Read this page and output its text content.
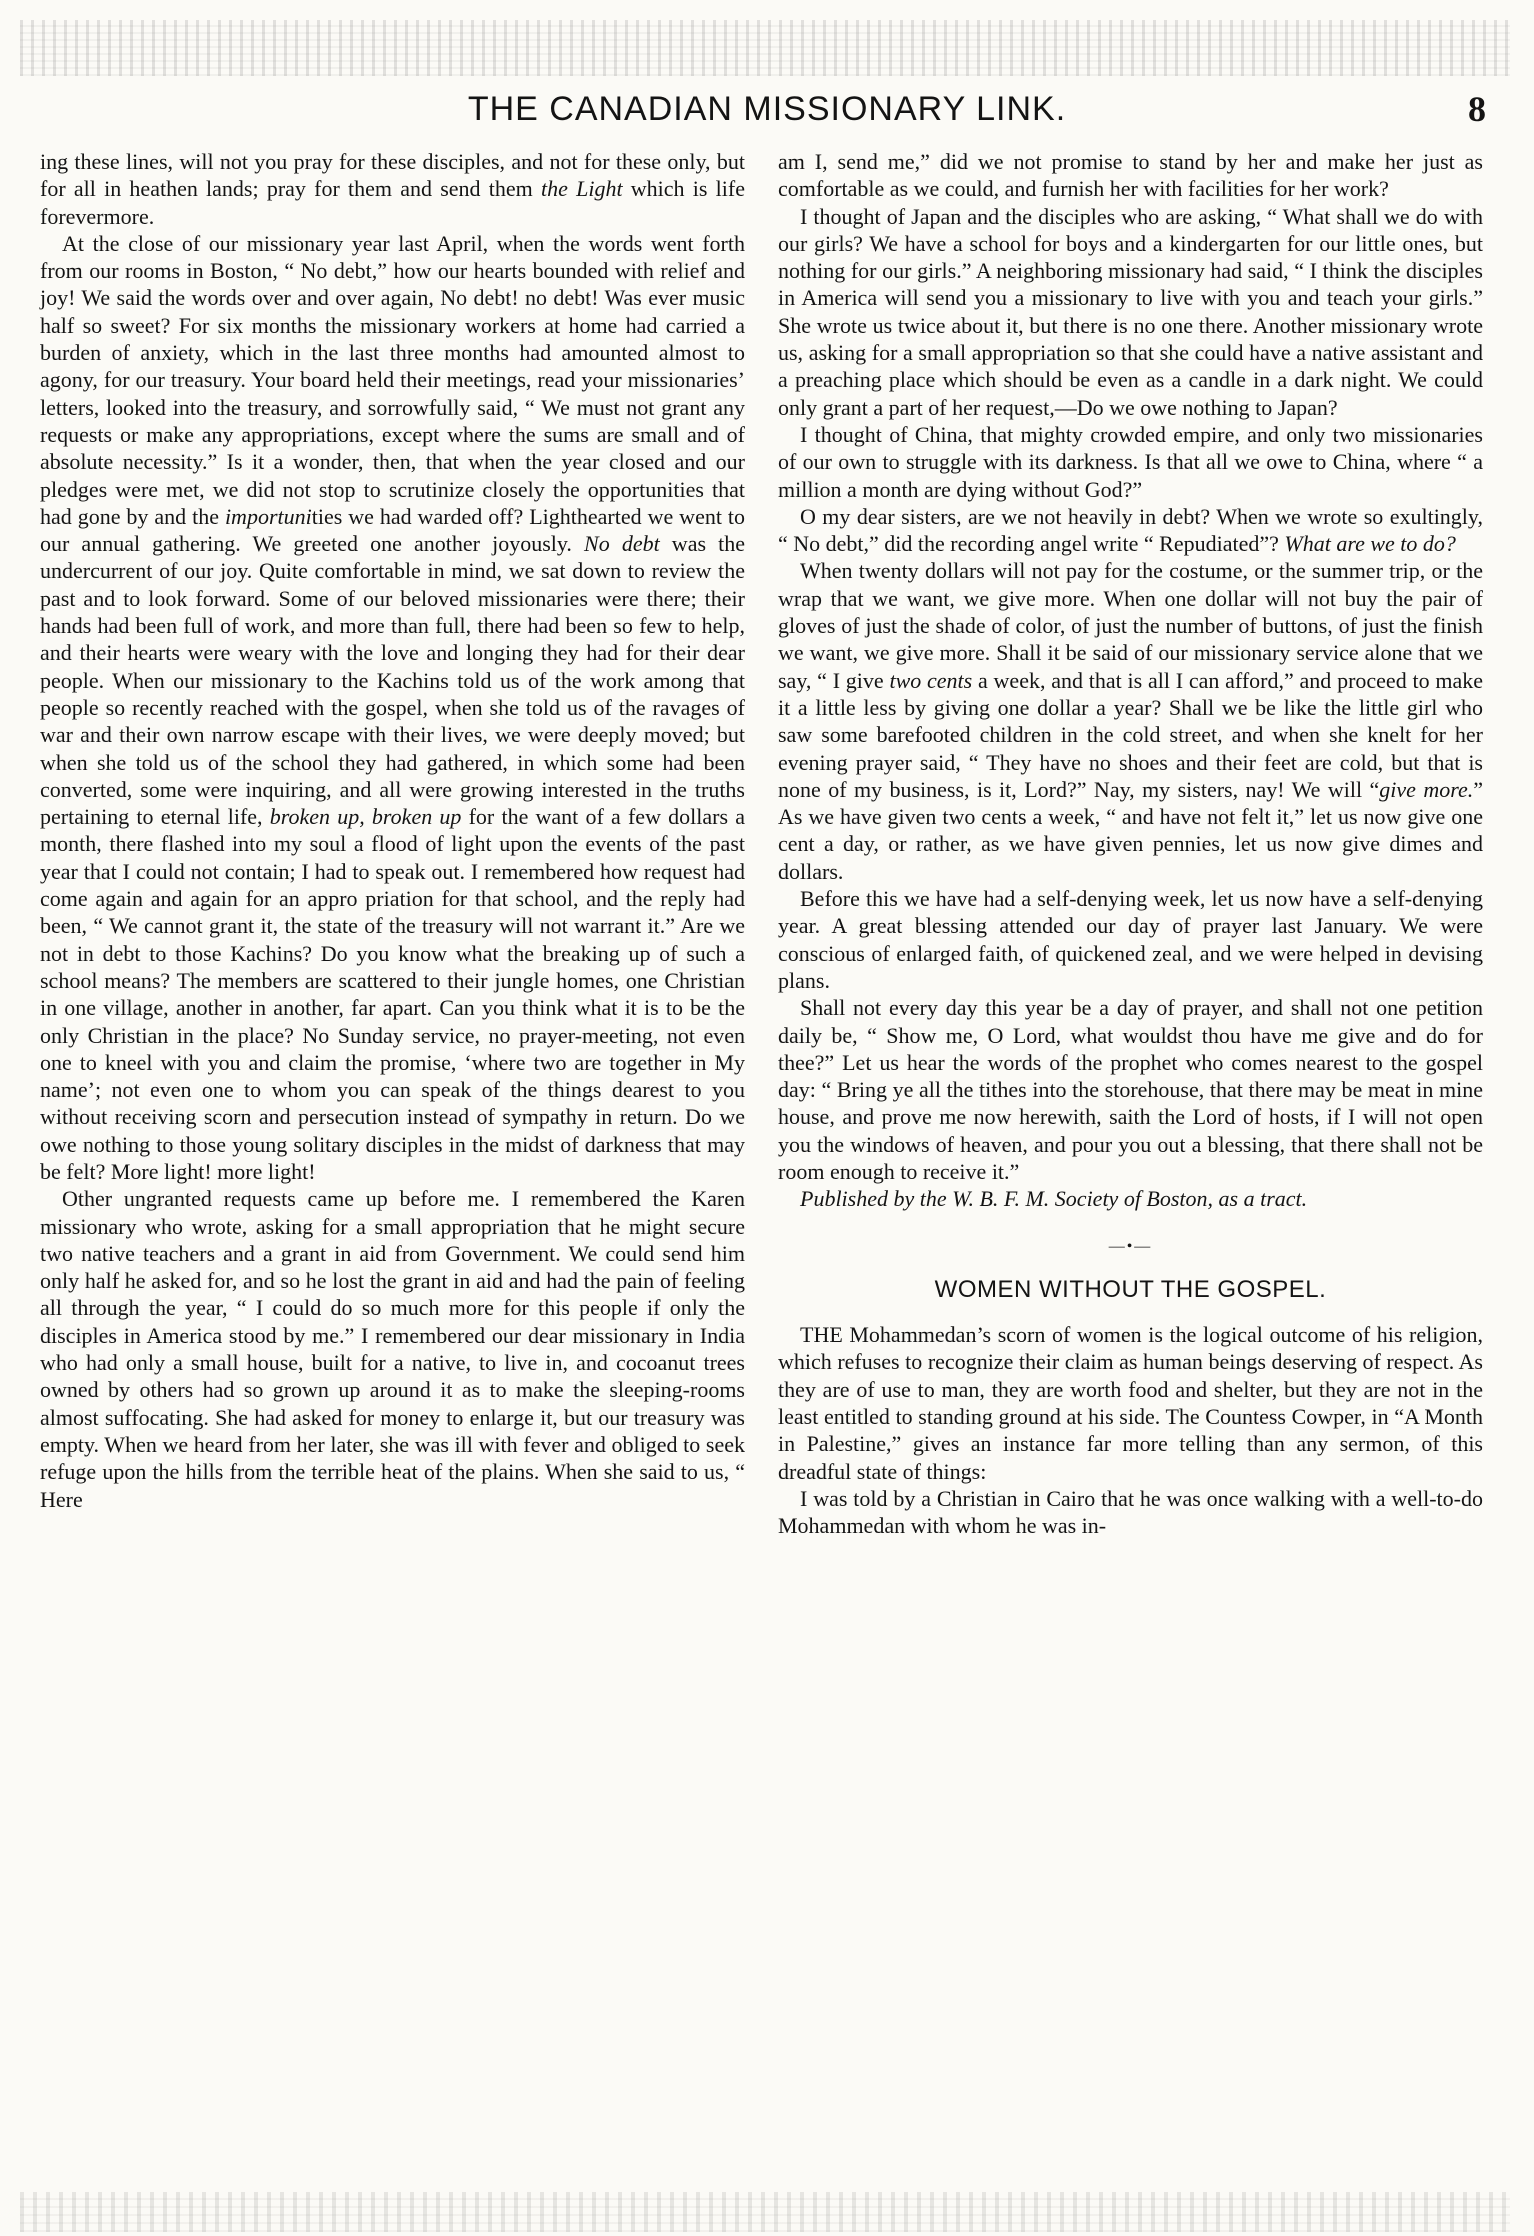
THE CANADIAN MISSIONARY LINK.	8

ing these lines, will not you pray for these disciples, and not for these only, but for all in heathen lands; pray for them and send them the Light which is life forevermore.

At the close of our missionary year last April, when the words went forth from our rooms in Boston, “ No debt,” how our hearts bounded with relief and joy! We said the words over and over again, No debt! no debt! Was ever music half so sweet? For six months the missionary workers at home had carried a burden of anxiety, which in the last three months had amounted almost to agony, for our treasury. Your board held their meetings, read your missionaries’ letters, looked into the treasury, and sorrowfully said, “ We must not grant any requests or make any appropriations, except where the sums are small and of absolute necessity.” Is it a wonder, then, that when the year closed and our pledges were met, we did not stop to scrutinize closely the opportunities that had gone by and the importunities we had warded off? Lighthearted we went to our annual gathering. We greeted one another joyously. No debt was the undercurrent of our joy. Quite comfortable in mind, we sat down to review the past and to look forward. Some of our beloved missionaries were there; their hands had been full of work, and more than full, there had been so few to help, and their hearts were weary with the love and longing they had for their dear people. When our missionary to the Kachins told us of the work among that people so recently reached with the gospel, when she told us of the ravages of war and their own narrow escape with their lives, we were deeply moved; but when she told us of the school they had gathered, in which some had been converted, some were inquiring, and all were growing interested in the truths pertaining to eternal life, broken up, broken up for the want of a few dollars a month, there flashed into my soul a flood of light upon the events of the past year that I could not contain; I had to speak out. I remembered how request had come again and again for an appro priation for that school, and the reply had been, “ We cannot grant it, the state of the treasury will not warrant it.” Are we not in debt to those Kachins? Do you know what the breaking up of such a school means? The members are scattered to their jungle homes, one Christian in one village, another in another, far apart. Can you think what it is to be the only Christian in the place? No Sunday service, no prayer-meeting, not even one to kneel with you and claim the promise, ‘where two are together in My name’; not even one to whom you can speak of the things dearest to you without receiving scorn and persecution instead of sympathy in return. Do we owe nothing to those young solitary disciples in the midst of darkness that may be felt? More light! more light!

Other ungranted requests came up before me. I remembered the Karen missionary who wrote, asking for a small appropriation that he might secure two native teachers and a grant in aid from Government. We could send him only half he asked for, and so he lost the grant in aid and had the pain of feeling all through the year, “ I could do so much more for this people if only the disciples in America stood by me.” I remembered our dear missionary in India who had only a small house, built for a native, to live in, and cocoanut trees owned by others had so grown up around it as to make the sleeping-rooms almost suffocating. She had asked for money to enlarge it, but our treasury was empty. When we heard from her later, she was ill with fever and obliged to seek refuge upon the hills from the terrible heat of the plains. When she said to us, “ Here

am I, send me,” did we not promise to stand by her and make her just as comfortable as we could, and furnish her with facilities for her work?

I thought of Japan and the disciples who are asking, “ What shall we do with our girls? We have a school for boys and a kindergarten for our little ones, but nothing for our girls.” A neighboring missionary had said, “ I think the disciples in America will send you a missionary to live with you and teach your girls.” She wrote us twice about it, but there is no one there. Another missionary wrote us, asking for a small appropriation so that she could have a native assistant and a preaching place which should be even as a candle in a dark night. We could only grant a part of her request,—Do we owe nothing to Japan?

I thought of China, that mighty crowded empire, and only two missionaries of our own to struggle with its darkness. Is that all we owe to China, where “ a million a month are dying without God?”

O my dear sisters, are we not heavily in debt? When we wrote so exultingly, “ No debt,” did the recording angel write “ Repudiated”? What are we to do?

When twenty dollars will not pay for the costume, or the summer trip, or the wrap that we want, we give more. When one dollar will not buy the pair of gloves of just the shade of color, of just the number of buttons, of just the finish we want, we give more. Shall it be said of our missionary service alone that we say, “ I give two cents a week, and that is all I can afford,” and proceed to make it a little less by giving one dollar a year? Shall we be like the little girl who saw some barefooted children in the cold street, and when she knelt for her evening prayer said, “ They have no shoes and their feet are cold, but that is none of my business, is it, Lord?” Nay, my sisters, nay! We will “give more.” As we have given two cents a week, “ and have not felt it,” let us now give one cent a day, or rather, as we have given pennies, let us now give dimes and dollars.

Before this we have had a self-denying week, let us now have a self-denying year. A great blessing attended our day of prayer last January. We were conscious of enlarged faith, of quickened zeal, and we were helped in devising plans.

Shall not every day this year be a day of prayer, and shall not one petition daily be, “ Show me, O Lord, what wouldst thou have me give and do for thee?” Let us hear the words of the prophet who comes nearest to the gospel day: “ Bring ye all the tithes into the storehouse, that there may be meat in mine house, and prove me now herewith, saith the Lord of hosts, if I will not open you the windows of heaven, and pour you out a blessing, that there shall not be room enough to receive it.”

Published by the W. B. F. M. Society of Boston, as a tract.

—•—
WOMEN WITHOUT THE GOSPEL.

THE Mohammedan’s scorn of women is the logical outcome of his religion, which refuses to recognize their claim as human beings deserving of respect. As they are of use to man, they are worth food and shelter, but they are not in the least entitled to standing ground at his side. The Countess Cowper, in “A Month in Palestine,” gives an instance far more telling than any sermon, of this dreadful state of things:

I was told by a Christian in Cairo that he was once walking with a well-to-do Mohammedan with whom he was in-
